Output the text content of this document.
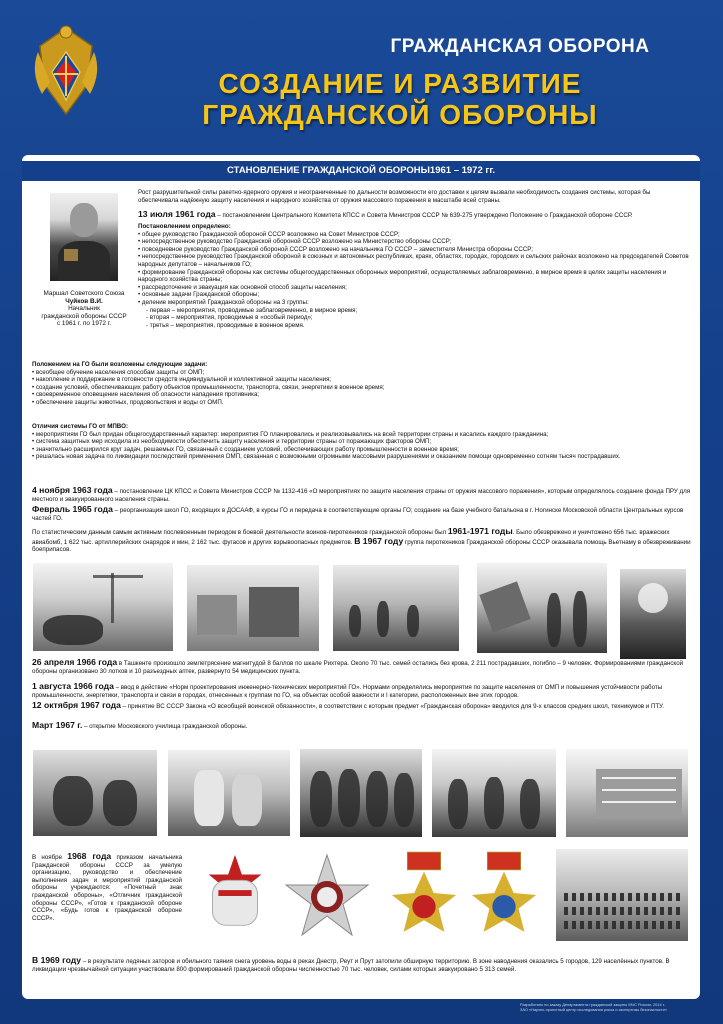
ГРАЖДАНСКАЯ ОБОРОНА
СОЗДАНИЕ И РАЗВИТИЕ
ГРАЖДАНСКОЙ ОБОРОНЫ
СТАНОВЛЕНИЕ ГРАЖДАНСКОЙ ОБОРОНЫ1961 – 1972 гг.
Маршал Советского Союза
Чуйков В.И.
Начальник
гражданской обороны СССР
с 1961 г. по 1972 г.
Рост разрушительной силы ракетно-ядерного оружия и неограниченные по дальности возможности его доставки к целям вызвали необходимость создания системы, которая бы обеспечивала надёжную защиту населения и народного хозяйства от оружия массового поражения в масштабе всей страны.
13 июля 1961 года – постановлением Центрального Комитета КПСС и Совета Министров СССР № 639-275 утверждено Положение о Гражданской обороне СССР.
Постановлением определено:
• общее руководство Гражданской обороной СССР возложено на Совет Министров СССР;
• непосредственное руководство Гражданской обороной СССР возложено на Министерство обороны СССР;
• повседневное руководство Гражданской обороной СССР возложено на начальника ГО СССР – заместителя Министра обороны СССР;
• непосредственное руководство Гражданской обороной в союзных и автономных республиках, краях, областях, городах, городских и сельских районах возложено на председателей Советов народных депутатов – начальников ГО;
• формирование Гражданской обороны как системы общегосударственных оборонных мероприятий, осуществляемых заблаговременно, в мирное время в целях защиты населения и народного хозяйства страны;
• рассредоточение и эвакуация как основной способ защиты населения;
• основные задачи Гражданской обороны;
• деление мероприятий Гражданской обороны на 3 группы:
- первая – мероприятия, проводимые заблаговременно, в мирное время;
- вторая – мероприятия, проводимые в «особый период»;
- третья – мероприятия, проводимые в военное время.
Положением на ГО были возложены следующие задачи:
• всеобщее обучение населения способам защиты от ОМП;
• накопление и поддержание в готовности средств индивидуальной и коллективной защиты населения;
• создание условий, обеспечивающих работу объектов промышленности, транспорта, связи, энергетики в военное время;
• своевременное оповещение населения об опасности нападения противника;
• обеспечение защиты животных, продовольствия и воды от ОМП.
Отличия системы ГО от МПВО:
• мероприятиям ГО был придан общегосударственный характер: мероприятия ГО планировались и реализовывались на всей территории страны и касались каждого гражданина;
• система защитных мер исходила из необходимости обеспечить защиту населения и территории страны от поражающих факторов ОМП;
• значительно расширился круг задач, решаемых ГО, связанный с созданием условий, обеспечивающих работу промышленности в военное время;
• решалась новая задача по ликвидации последствий применения ОМП, связанная с возможными огромными массовыми разрушениями и оказанием помощи одновременно сотням тысяч пострадавших.
4 ноября 1963 года – постановление ЦК КПСС и Совета Министров СССР № 1132-416 «О мероприятиях по защите населения страны от оружия массового поражения», которым определялось создание фонда ПРУ для местного и эвакуированного населения страны.
Февраль 1965 года – реорганизация школ ГО, входящих в ДОСААФ, в курсы ГО и передача в соответствующие органы ГО; создание на базе учебного батальона в г. Ногинске Московской области Центральных курсов частей ГО.
По статистическим данным самым активным послевоенным периодом в боевой деятельности воинов-пиротехников гражданской обороны был 1961-1971 годы. Было обезврежено и уничтожено 656 тыс. вражеских авиабомб, 1 622 тыс. артиллерийских снарядов и мин, 2 162 тыс. фугасов и других взрывоопасных предметов. В 1967 году группа пиротехников Гражданской обороны СССР оказывала помощь Вьетнаму в обезвреживании боеприпасов.
26 апреля 1966 года в Ташкенте произошло землетрясение магнитудой 8 баллов по шкале Рихтера. Около 70 тыс. семей остались без крова, 2 211 пострадавших, погибло – 9 человек. Формированиями гражданской обороны организовано 30 лотков и 10 разъездных аптек, развернуто 54 медицинских пункта.
1 августа 1966 года – ввод в действие «Норм проектирования инженерно-технических мероприятий ГО». Нормами определялись мероприятия по защите населения от ОМП и повышения устойчивости работы промышленности, энергетики, транспорта и связи в городах, отнесенных к группам по ГО, на объектах особой важности и I категории, расположенных вне этих городов.
12 октября 1967 года – принятие ВС СССР Закона «О всеобщей воинской обязанности», в соответствии с которым предмет «Гражданская оборона» вводился для 9-х классов средних школ, техникумов и ПТУ.
Март 1967 г. – открытие Московского училища гражданской обороны.
В ноябре 1968 года приказом начальника Гражданской обороны СССР за умелую организацию, руководство и обеспечение выполнения задач и мероприятий гражданской обороны учреждаются: «Почетный знак гражданской обороны», «Отличник гражданской обороны СССР», «Готов к гражданской обороне СССР», «Будь готов к гражданской обороне СССР».
В 1969 году – в результате ледяных заторов и обильного таяния снега уровень воды в реках Днестр, Реут и Прут затопили обширную территорию. В зоне наводнения оказались 5 городов, 129 населённых пунктов. В ликвидации чрезвычайной ситуации участвовали 800 формирований гражданской обороны численностью 70 тыс. человек, силами которых эвакуировано 5 313 семей.
Разработано по заказу Департамента гражданской защиты МЧС России, 2014 г.
ЗАО «Научно-проектный центр исследования риска и экспертизы безопасности»
